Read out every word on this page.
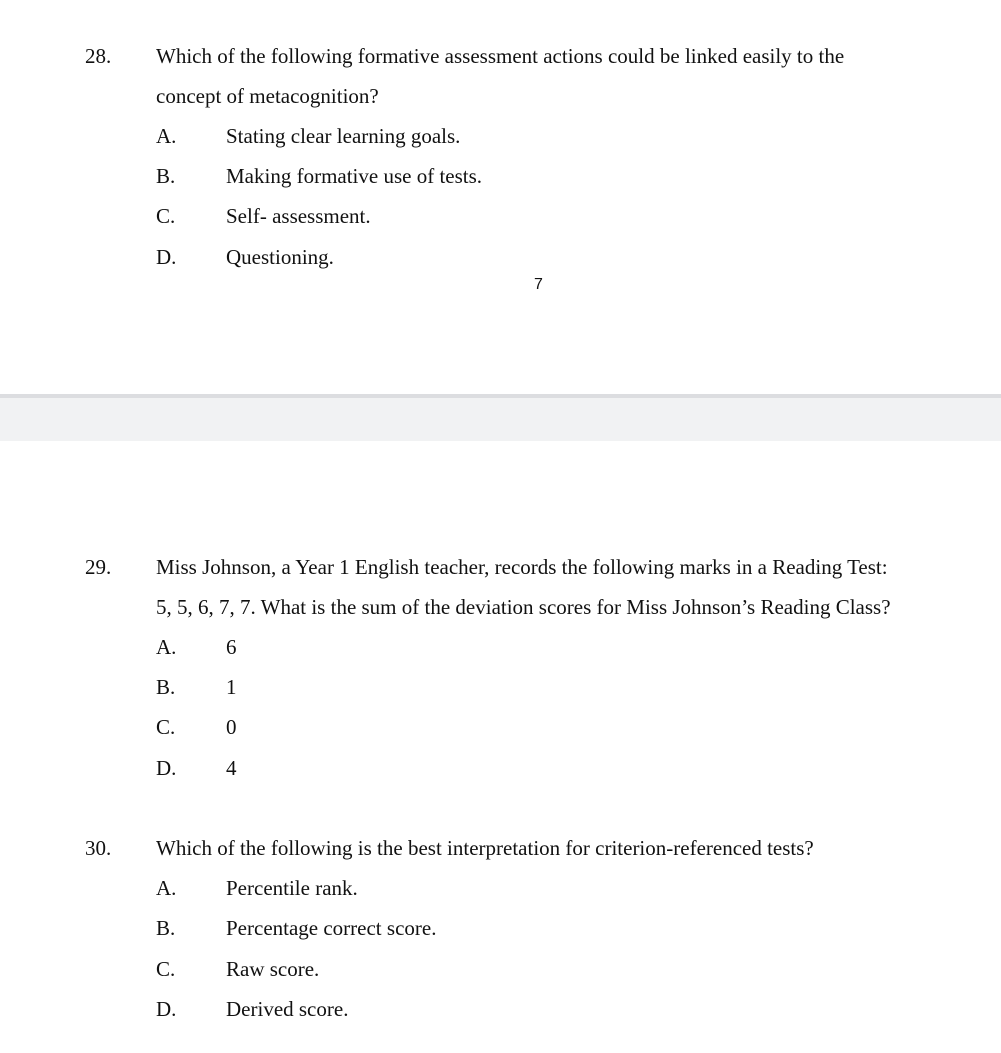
28. Which of the following formative assessment actions could be linked easily to the
concept of metacognition?
A. Stating clear learning goals.
B. Making formative use of tests.
C. Self- assessment.
D. Questioning.
7
29. Miss Johnson, a Year 1 English teacher, records the following marks in a Reading Test:
5, 5, 6, 7, 7. What is the sum of the deviation scores for Miss Johnson’s Reading Class?
A. 6
B. 1
C. 0
D. 4
30. Which of the following is the best interpretation for criterion-referenced tests?
A. Percentile rank.
B. Percentage correct score.
C. Raw score.
D. Derived score.
